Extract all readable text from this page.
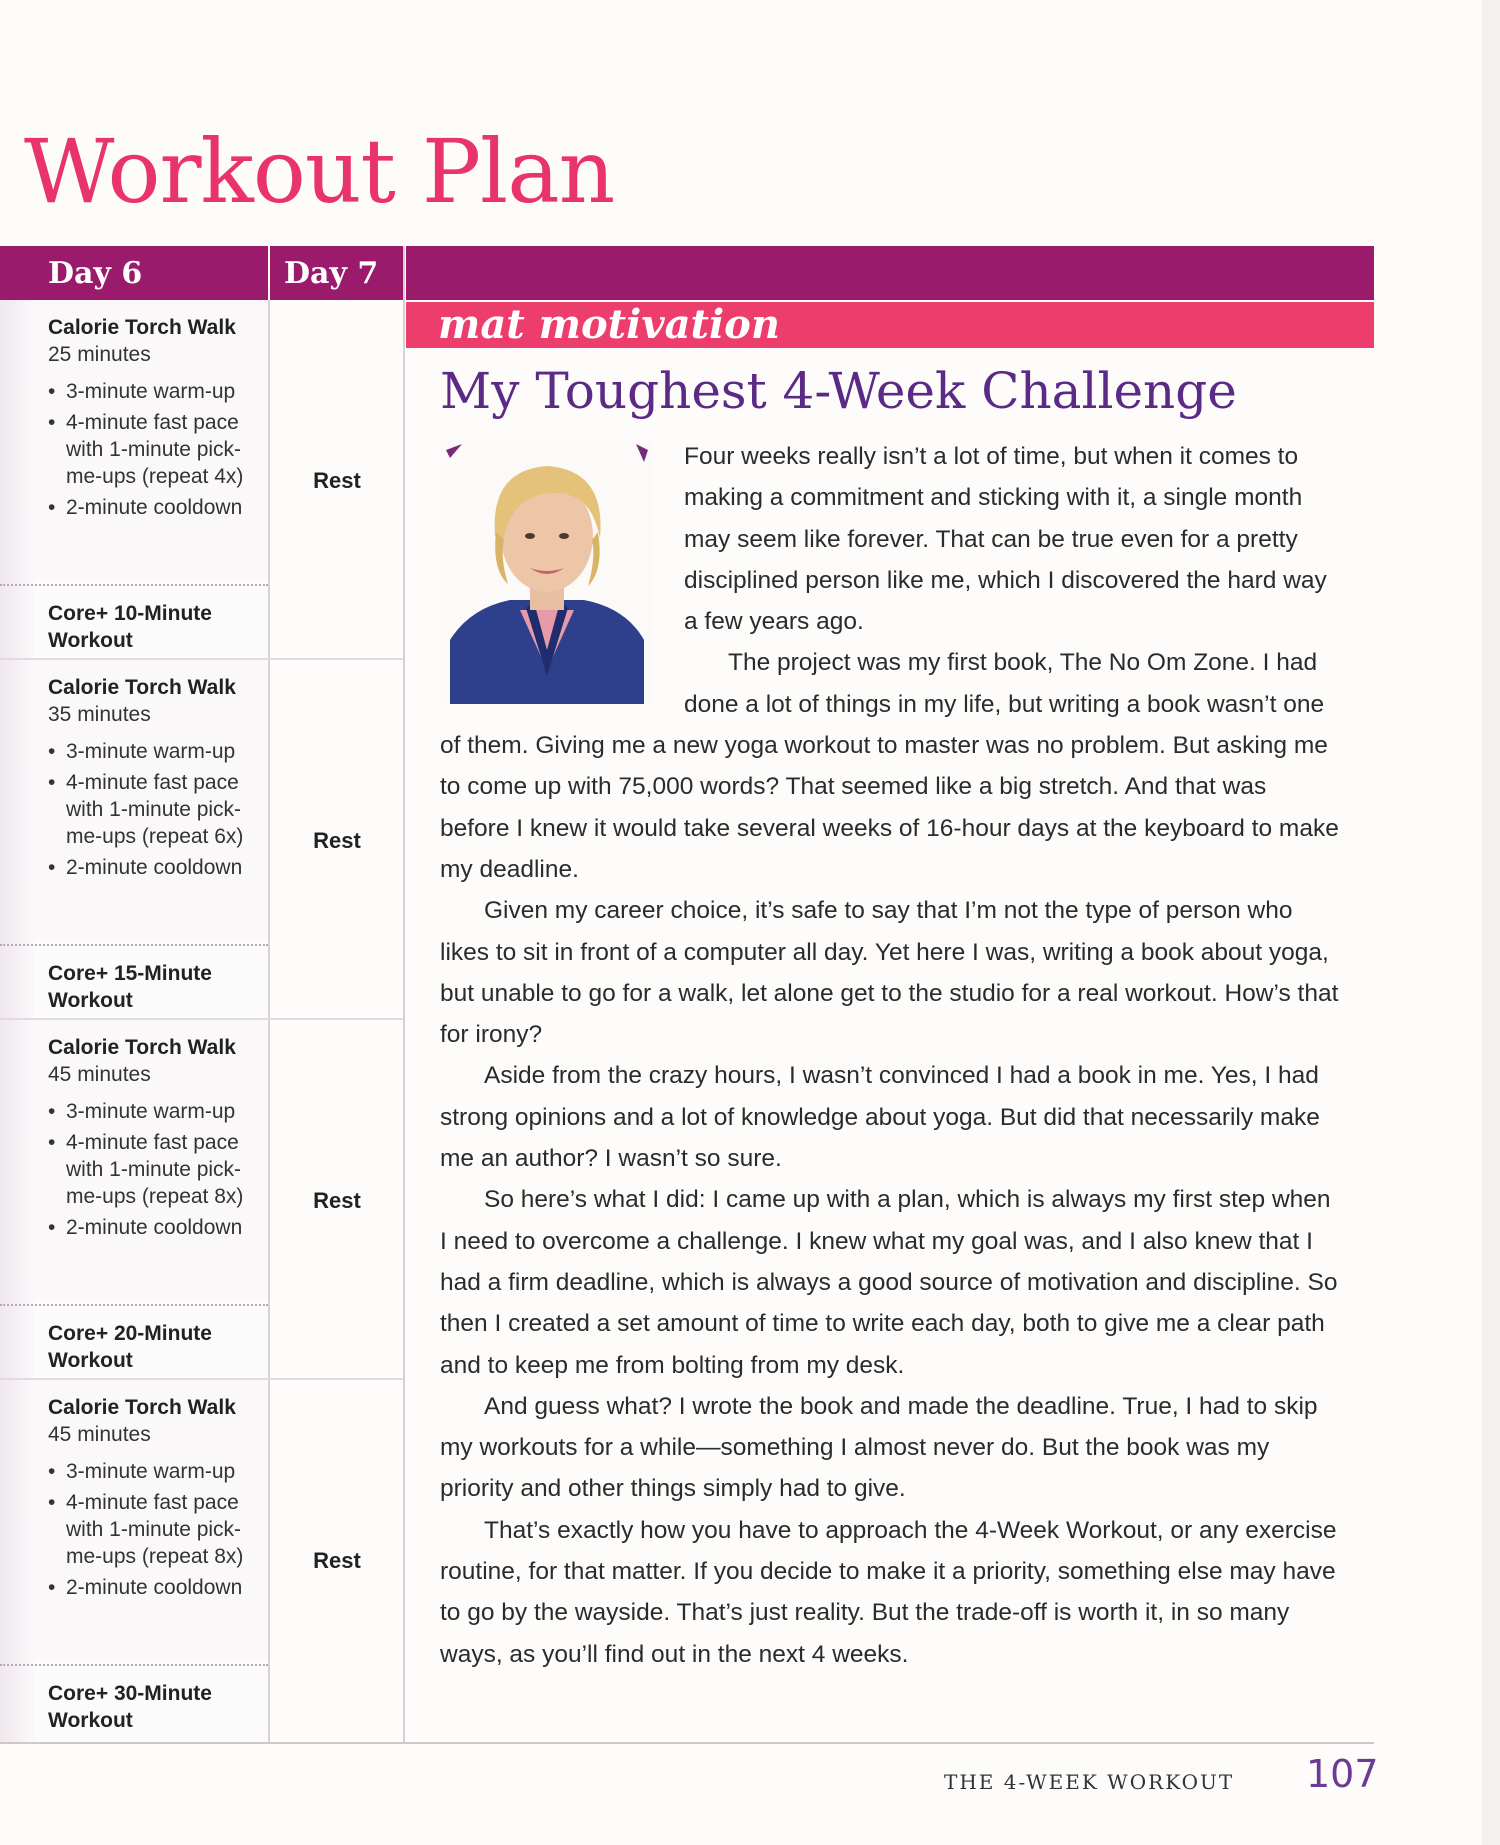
Workout Plan
Day 6	Day 7
Calorie Torch Walk
25 minutes
• 3-minute warm-up
• 4-minute fast pace with 1-minute pick-me-ups (repeat 4x)
• 2-minute cooldown
Core+ 10-Minute Workout
Rest
Calorie Torch Walk
35 minutes
• 3-minute warm-up
• 4-minute fast pace with 1-minute pick-me-ups (repeat 6x)
• 2-minute cooldown
Core+ 15-Minute Workout
Rest
Calorie Torch Walk
45 minutes
• 3-minute warm-up
• 4-minute fast pace with 1-minute pick-me-ups (repeat 8x)
• 2-minute cooldown
Core+ 20-Minute Workout
Rest
Calorie Torch Walk
45 minutes
• 3-minute warm-up
• 4-minute fast pace with 1-minute pick-me-ups (repeat 8x)
• 2-minute cooldown
Core+ 30-Minute Workout
Rest
mat motivation
My Toughest 4-Week Challenge

Four weeks really isn’t a lot of time, but when it comes to making a commitment and sticking with it, a single month may seem like forever. That can be true even for a pretty disciplined person like me, which I discovered the hard way a few years ago.

The project was my first book, The No Om Zone. I had done a lot of things in my life, but writing a book wasn’t one of them. Giving me a new yoga workout to master was no problem. But asking me to come up with 75,000 words? That seemed like a big stretch. And that was before I knew it would take several weeks of 16-hour days at the keyboard to make my deadline.

Given my career choice, it’s safe to say that I’m not the type of person who likes to sit in front of a computer all day. Yet here I was, writing a book about yoga, but unable to go for a walk, let alone get to the studio for a real workout. How’s that for irony?

Aside from the crazy hours, I wasn’t convinced I had a book in me. Yes, I had strong opinions and a lot of knowledge about yoga. But did that necessarily make me an author? I wasn’t so sure.

So here’s what I did: I came up with a plan, which is always my first step when I need to overcome a challenge. I knew what my goal was, and I also knew that I had a firm deadline, which is always a good source of motivation and discipline. So then I created a set amount of time to write each day, both to give me a clear path and to keep me from bolting from my desk.

And guess what? I wrote the book and made the deadline. True, I had to skip my workouts for a while—something I almost never do. But the book was my priority and other things simply had to give.

That’s exactly how you have to approach the 4-Week Workout, or any exercise routine, for that matter. If you decide to make it a priority, something else may have to go by the wayside. That’s just reality. But the trade-off is worth it, in so many ways, as you’ll find out in the next 4 weeks.

THE 4-WEEK WORKOUT 107
